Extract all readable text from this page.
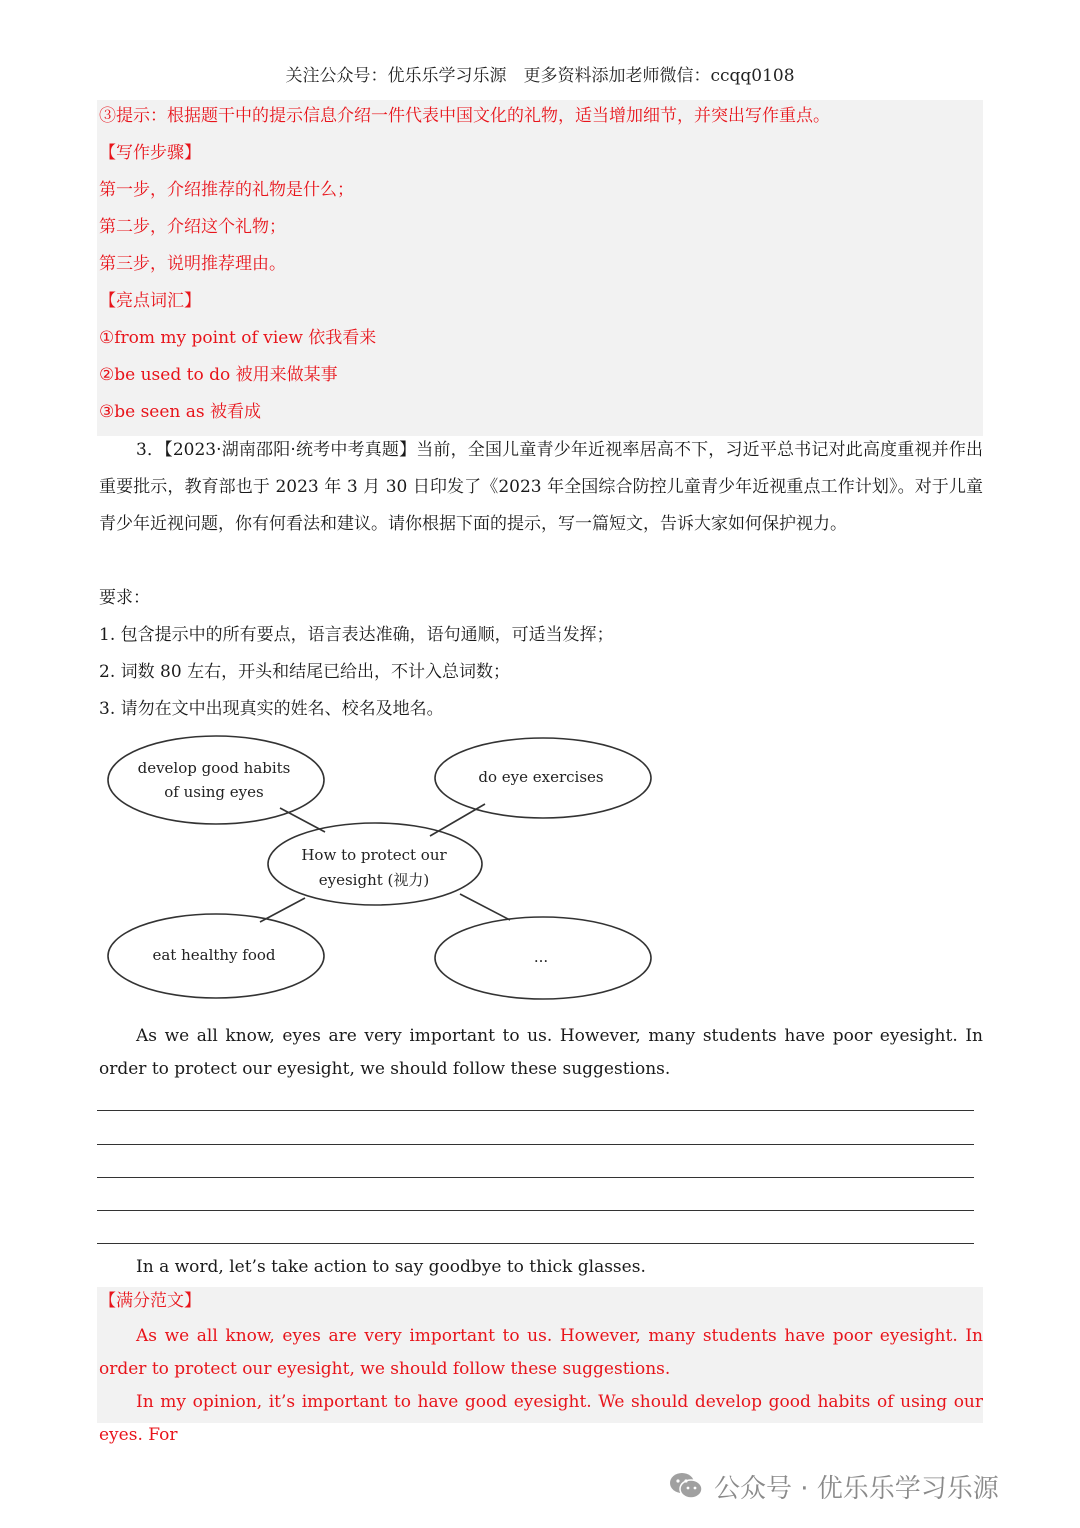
关注公众号：优乐乐学习乐源　更多资料添加老师微信：ccqq0108
③提示：根据题干中的提示信息介绍一件代表中国文化的礼物，适当增加细节，并突出写作重点。
【写作步骤】
第一步，介绍推荐的礼物是什么；
第二步，介绍这个礼物；
第三步，说明推荐理由。
【亮点词汇】
①from my point of view 依我看来
②be used to do 被用来做某事
③be seen as 被看成

3．【2023·湖南邵阳·统考中考真题】当前，全国儿童青少年近视率居高不下，习近平总书记对此高度重视并作出重要批示，教育部也于 2023 年 3 月 30 日印发了《2023 年全国综合防控儿童青少年近视重点工作计划》。对于儿童青少年近视问题，你有何看法和建议。请你根据下面的提示，写一篇短文，告诉大家如何保护视力。

要求：
1. 包含提示中的所有要点，语言表达准确，语句通顺，可适当发挥；
2. 词数 80 左右，开头和结尾已给出，不计入总词数；
3. 请勿在文中出现真实的姓名、校名及地名。
develop good habits
of using eyes
do eye exercises
How to protect our
eyesight (视力)
eat healthy food	...

As we all know, eyes are very important to us. However, many students have poor eyesight. In order to protect our eyesight, we should follow these suggestions.

In a word, let’s take action to say goodbye to thick glasses.
【满分范文】

As we all know, eyes are very important to us. However, many students have poor eyesight. In order to protect our eyesight, we should follow these suggestions.

In my opinion, it’s important to have good eyesight. We should develop good habits of using our eyes. For

公众号 · 优乐乐学习乐源
